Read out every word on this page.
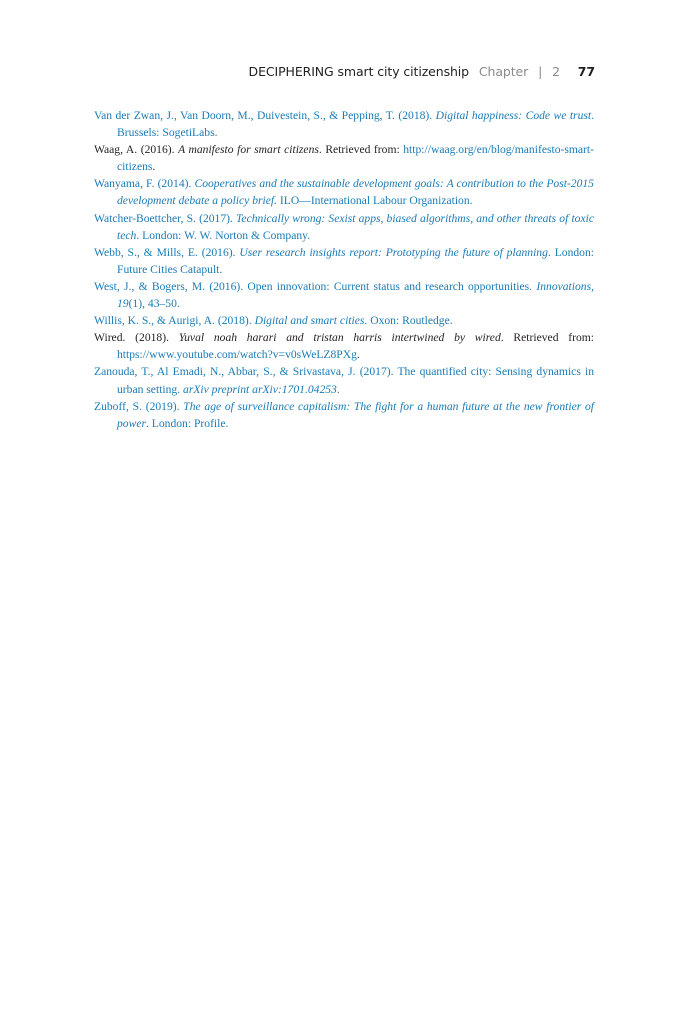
DECIPHERING smart city citizenship Chapter | 2 77

Van der Zwan, J., Van Doorn, M., Duivestein, S., & Pepping, T. (2018). Digital happiness: Code we trust. Brussels: SogetiLabs.

Waag, A. (2016). A manifesto for smart citizens. Retrieved from: http://waag.org/en/blog/manifesto-smart-citizens.

Wanyama, F. (2014). Cooperatives and the sustainable development goals: A contribution to the Post-2015 development debate a policy brief. ILO—International Labour Organization.

Watcher-Boettcher, S. (2017). Technically wrong: Sexist apps, biased algorithms, and other threats of toxic tech. London: W. W. Norton & Company.

Webb, S., & Mills, E. (2016). User research insights report: Prototyping the future of planning. London: Future Cities Catapult.

West, J., & Bogers, M. (2016). Open innovation: Current status and research opportunities. Innovations, 19(1), 43–50.

Willis, K. S., & Aurigi, A. (2018). Digital and smart cities. Oxon: Routledge.

Wired. (2018). Yuval noah harari and tristan harris intertwined by wired. Retrieved from: https://www.youtube.com/watch?v=v0sWeLZ8PXg.

Zanouda, T., Al Emadi, N., Abbar, S., & Srivastava, J. (2017). The quantified city: Sensing dynamics in urban setting. arXiv preprint arXiv:1701.04253.

Zuboff, S. (2019). The age of surveillance capitalism: The fight for a human future at the new frontier of power. London: Profile.
